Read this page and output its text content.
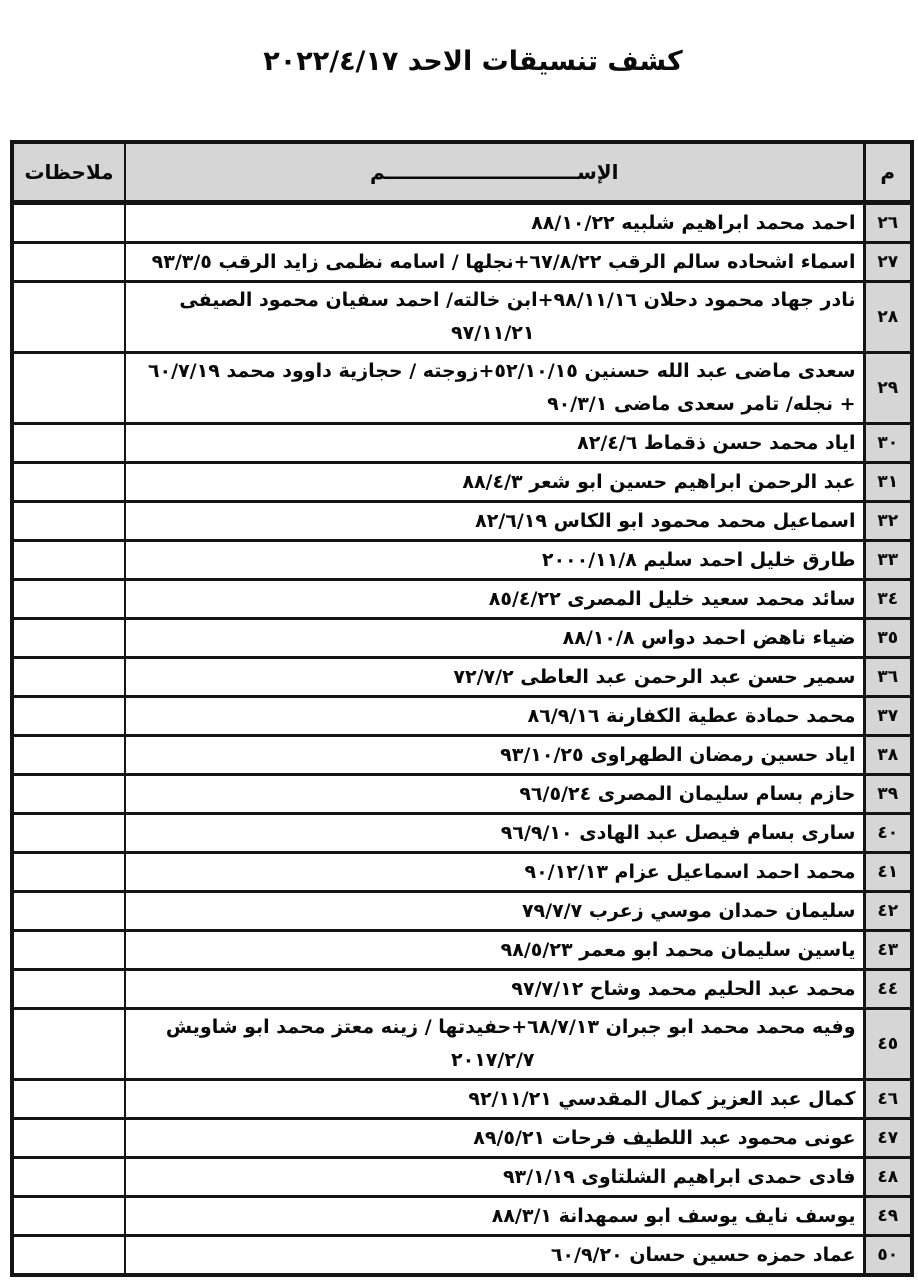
كشف تنسيقات الاحد ٢٠٢٢/٤/١٧
م	الإســــــــــــــــــــــــــــم	ملاحظات
٢٦	احمد محمد ابراهيم شلبيه ٨٨/١٠/٢٢	

٢٧	اسماء اشحاده سالم الرقب ٦٧/٨/٢٢+نجلها / اسامه نظمى زايد الرقب ٩٣/٣/٥	

٢٨	نادر جهاد محمود دحلان ٩٨/١١/١٦+ابن خالته/ احمد سفيان محمود الصيفى
٩٧/١١/٢١	

٢٩	سعدى ماضى عبد الله حسنين ٥٢/١٠/١٥+زوجته / حجازية داوود محمد ٦٠/٧/١٩
+ نجله/ تامر سعدى ماضى ٩٠/٣/١	

٣٠	اياد محمد حسن ذقماط ٨٢/٤/٦	

٣١	عبد الرحمن ابراهيم حسين ابو شعر ٨٨/٤/٣	

٣٢	اسماعيل محمد محمود ابو الكاس ٨٢/٦/١٩	

٣٣	طارق خليل احمد سليم ٢٠٠٠/١١/٨	

٣٤	سائد محمد سعيد خليل المصرى ٨٥/٤/٢٢	

٣٥	ضياء ناهض احمد دواس ٨٨/١٠/٨	

٣٦	سمير حسن عبد الرحمن عبد العاطى ٧٢/٧/٢	

٣٧	محمد حمادة عطية الكفارنة ٨٦/٩/١٦	

٣٨	اياد حسين رمضان الطهراوى ٩٣/١٠/٢٥	

٣٩	حازم بسام سليمان المصرى ٩٦/٥/٢٤	

٤٠	سارى بسام فيصل عبد الهادى ٩٦/٩/١٠	

٤١	محمد احمد اسماعيل عزام ٩٠/١٢/١٣	

٤٢	سليمان حمدان موسي زعرب ٧٩/٧/٧	

٤٣	ياسين سليمان محمد ابو معمر ٩٨/٥/٢٣	

٤٤	محمد عبد الحليم محمد وشاح ٩٧/٧/١٢	

٤٥	وفيه محمد محمد ابو جبران ٦٨/٧/١٣+حفيدتها / زينه معتز محمد ابو شاويش
٢٠١٧/٢/٧	

٤٦	كمال عبد العزيز كمال المقدسي ٩٢/١١/٢١	

٤٧	عونى محمود عبد اللطيف فرحات ٨٩/٥/٢١	

٤٨	فادى حمدى ابراهيم الشلتاوى ٩٣/١/١٩	

٤٩	يوسف نايف يوسف ابو سمهدانة ٨٨/٣/١	

٥٠	عماد حمزه حسين حسان ٦٠/٩/٢٠	
